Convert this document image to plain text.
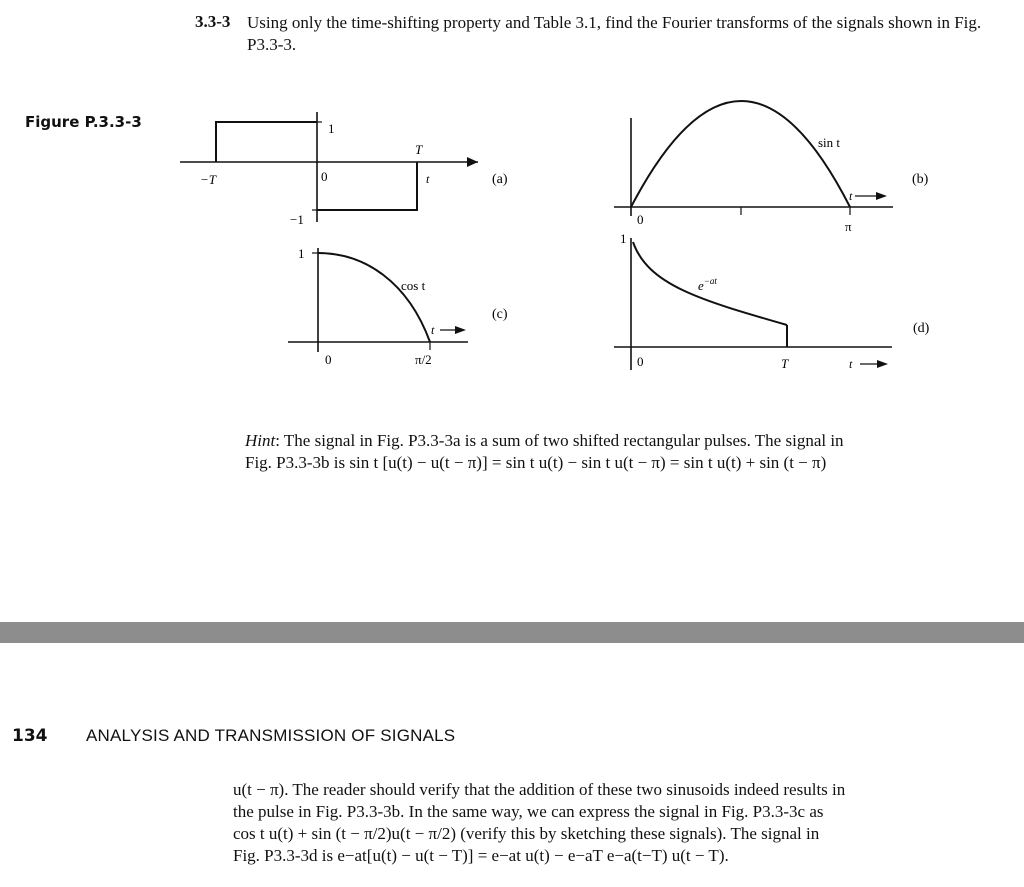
3.3-3 Using only the time-shifting property and Table 3.1, find the Fourier transforms of the signals shown in Fig. P3.3-3.
Figure P.3.3-3	1
T
−T	0
−1
t	(a)
sin t
0	π
t
(b)
1
cos t
0	π/2
t
(c)
1
$e^{-at}$
0	T	t
(d)
Hint: The signal in Fig. P3.3-3a is a sum of two shifted rectangular pulses. The signal in
Fig. P3.3-3b is sin t [u(t) − u(t − π)] = sin t u(t) − sin t u(t − π) = sin t u(t) + sin (t − π)
134 ANALYSIS AND TRANSMISSION OF SIGNALS
u(t − π). The reader should verify that the addition of these two sinusoids indeed results in
the pulse in Fig. P3.3-3b. In the same way, we can express the signal in Fig. P3.3-3c as
cos t u(t) + sin (t − π/2)u(t − π/2) (verify this by sketching these signals). The signal in
Fig. P3.3-3d is e−at[u(t) − u(t − T)] = e−at u(t) − e−aT e−a(t−T) u(t − T).
